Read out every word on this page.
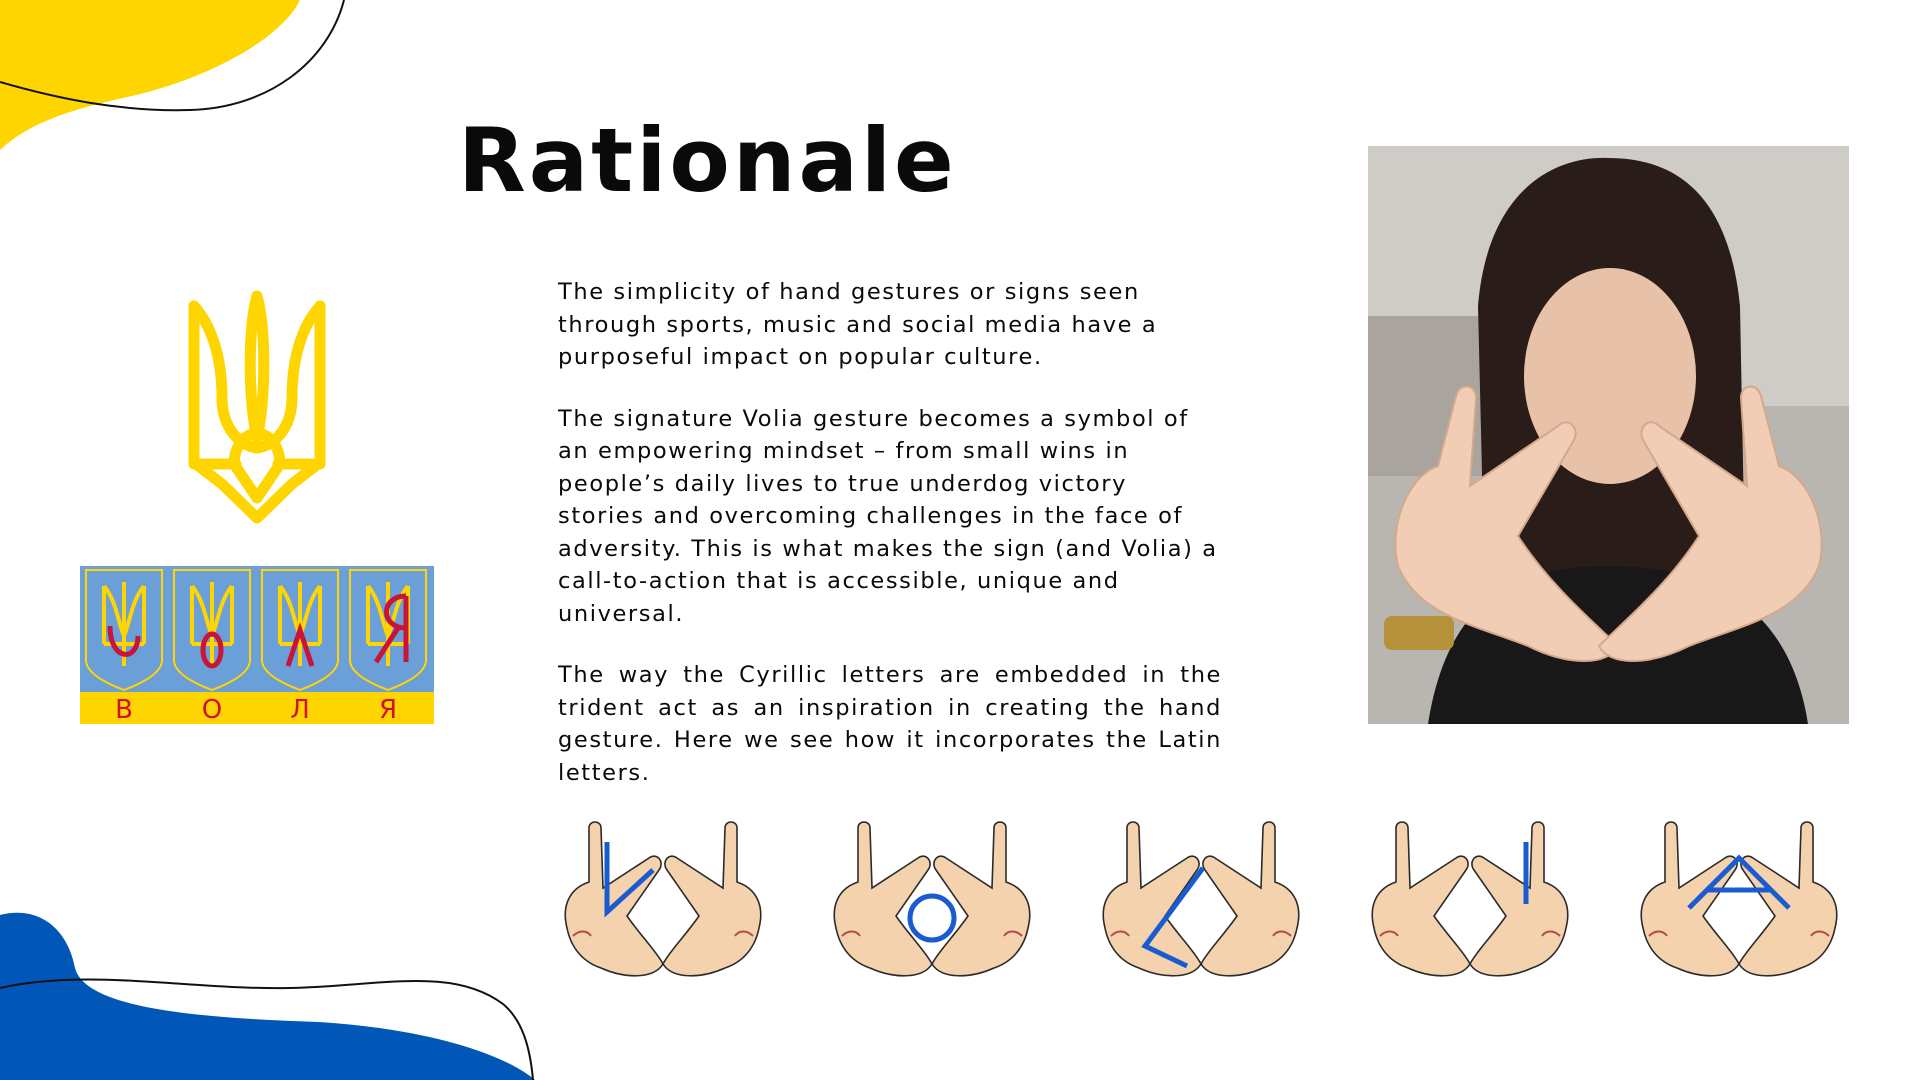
Rationale

The simplicity of hand gestures or signs seen through sports, music and social media have a purposeful impact on popular culture.

The signature Volia gesture becomes a symbol of an empowering mindset – from small wins in people’s daily lives to true underdog victory stories and overcoming challenges in the face of adversity. This is what makes the sign (and Volia) a call-to-action that is accessible, unique and universal.

The way the Cyrillic letters are embedded in the trident act as an inspiration in creating the hand gesture. Here we see how it incorporates the Latin letters.

В	О	Л	Я
